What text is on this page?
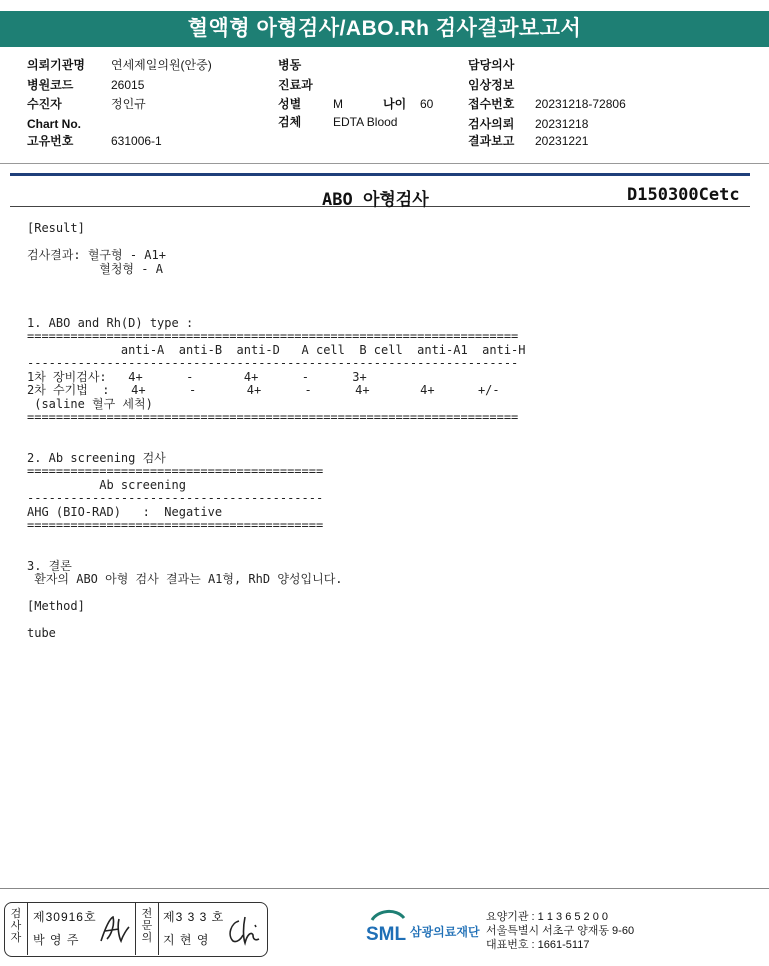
혈액형 아형검사/ABO.Rh 검사결과보고서
의뢰기관명 연세제일의원(안중)
병원코드	26015
수진자	정인규
Chart No.
고유번호	631006-1
병동
진료과
성별	M	나이 60
검체	EDTA Blood
담당의사
임상정보
접수번호 20231218-72806
검사의뢰 20231218
결과보고 20231221
ABO 아형검사	D150300Cetc
[Result]

검사결과: 혈구형 - A1+
혈청형 - A

1. ABO and Rh(D) type :
====================================================================
anti-A  anti-B  anti-D   A cell  B cell  anti-A1  anti-H
--------------------------------------------------------------------
1차 장비검사:   4+      -       4+      -      3+
2차 수기법  :   4+      -       4+      -      4+       4+      +/-
(saline 혈구 세척)
====================================================================

2. Ab screening 검사
=========================================
Ab screening
-----------------------------------------
AHG (BIO-RAD)   :  Negative
=========================================

3. 결론
환자의 ABO 아형 검사 결과는 A1형, RhD 양성입니다.

[Method]

tube
검사자
제30916호
박 영 주
전문의
제3 3 3 호
지 현 영	SML 삼광의료재단
요양기관 : 1 1 3 6 5 2 0 0
서울특별시 서초구 양재동 9-60
대표번호 : 1661-5117
